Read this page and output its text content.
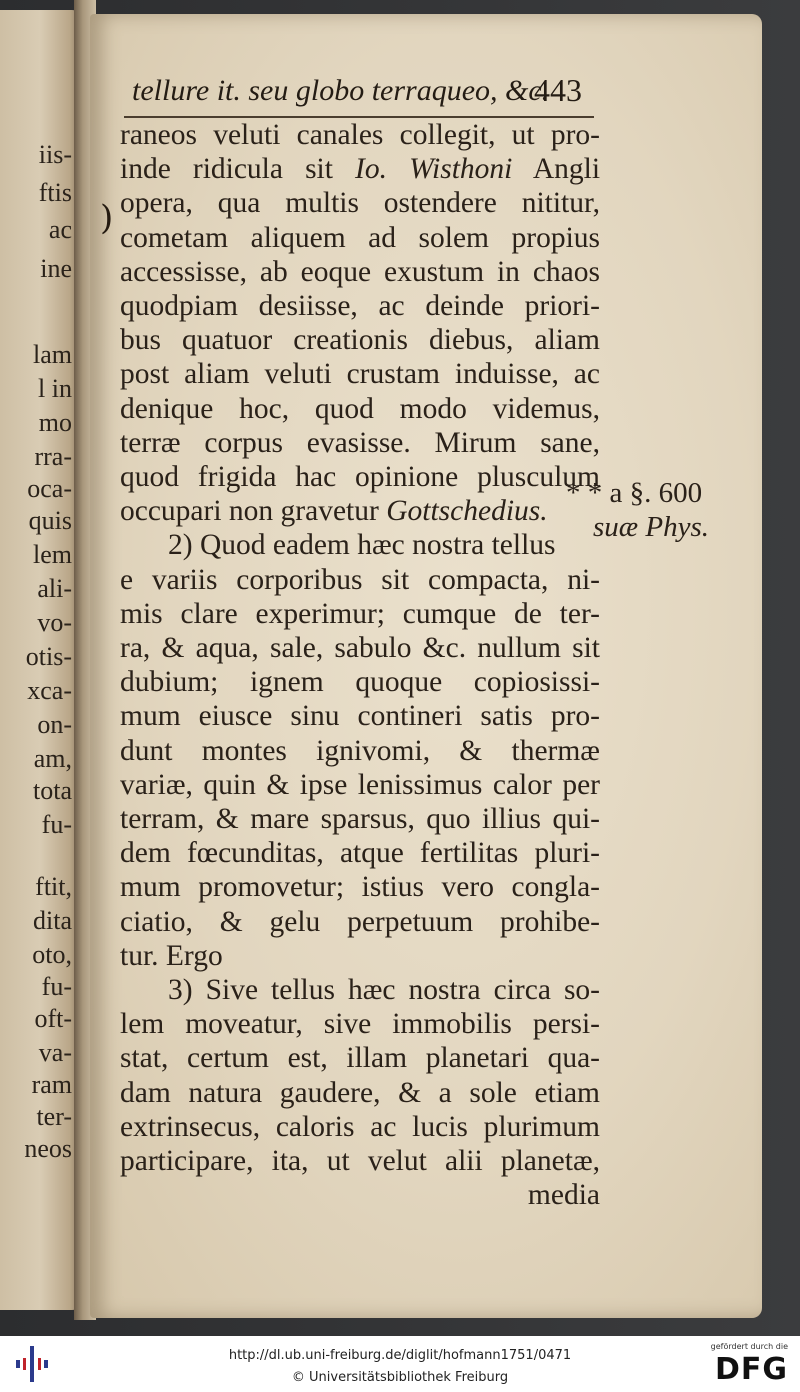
iis-
ftis
ac
ine
lam
l in
mo
rra-
oca-
quis
lem
ali-
vo-
otis-
xca-
on-
am,
tota
fu-
ftit,
dita
oto,
fu-
oft-
va-
ram
ter-
neos
tellure it. seu globo terraqueo, &c.
443
)
raneos veluti canales collegit, ut pro-
inde ridicula sit Io. Wisthoni Angli
opera, qua multis ostendere nititur,
cometam aliquem ad solem propius
accessisse, ab eoque exustum in chaos
quodpiam desiisse, ac deinde priori-
bus quatuor creationis diebus, aliam
post aliam veluti crustam induisse, ac
denique hoc, quod modo videmus,
terræ corpus evasisse. Mirum sane,
quod frigida hac opinione plusculum
occupari non gravetur Gottschedius.
2) Quod eadem hæc nostra tellus
e variis corporibus sit compacta, ni-
mis clare experimur; cumque de ter-
ra, & aqua, sale, sabulo &c. nullum sit
dubium; ignem quoque copiosissi-
mum eiusce sinu contineri satis pro-
dunt montes ignivomi, & thermæ
variæ, quin & ipse lenissimus calor per
terram, & mare sparsus, quo illius qui-
dem fœcunditas, atque fertilitas pluri-
mum promovetur; istius vero congla-
ciatio, & gelu perpetuum prohibe-
tur. Ergo
3) Sive tellus hæc nostra circa so-
lem moveatur, sive immobilis persi-
stat, certum est, illam planetari qua-
dam natura gaudere, & a sole etiam
extrinsecus, caloris ac lucis plurimum
participare, ita, ut velut alii planetæ,
media
* * a §. 600
suæ Phys.
http://dl.ub.uni-freiburg.de/diglit/hofmann1751/0471
© Universitätsbibliothek Freiburg
gefördert durch die
DFG
